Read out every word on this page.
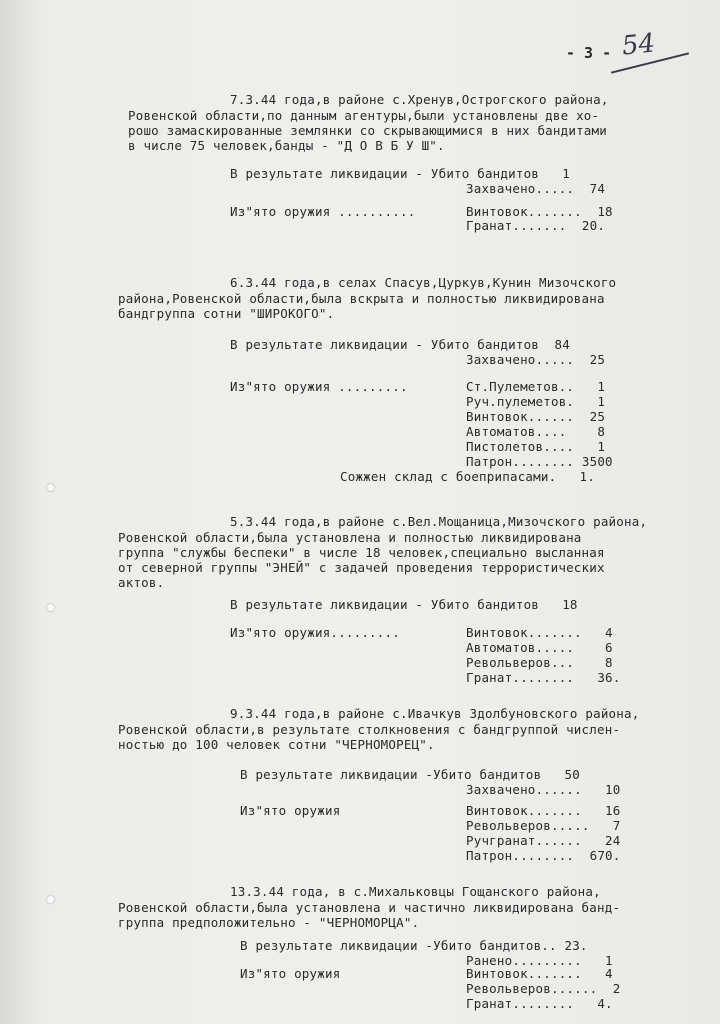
- 3 - 54
7.3.44 года,в районе с.Хренув,Острогского района,
Ровенской области,по данным агентуры,были установлены две хо-
рошо замаскированные землянки со скрывающимися в них бандитами
в числе 75 человек,банды - "Д О В Б У Ш".
В результате ликвидации - Убито бандитов   1
Захвачено.....  74
Из"ято оружия ..........	Винтовок.......  18
Гранат.......  20.
6.3.44 года,в селах Спасув,Цуркув,Кунин Мизочского
района,Ровенской области,была вскрыта и полностью ликвидирована
бандгруппа сотни "ШИРОКОГО".
В результате ликвидации - Убито бандитов  84
Захвачено.....  25
Из"ято оружия .........	Ст.Пулеметов..   1
Руч.пулеметов.   1
Винтовок......  25
Автоматов....    8
Пистолетов....   1
Патрон........ 3500
Сожжен склад с боеприпасами.   1.
5.3.44 года,в районе с.Вел.Мощаница,Мизочского района,
Ровенской области,была установлена и полностью ликвидирована
группа "службы беспеки" в числе 18 человек,специально высланная
от северной группы "ЭНЕЙ" с задачей проведения террористических
актов.
В результате ликвидации - Убито бандитов   18
Из"ято оружия.........	Винтовок.......   4
Автоматов.....    6
Револьверов...    8
Гранат........   36.
9.3.44 года,в районе с.Ивачкув Здолбуновского района,
Ровенской области,в результате столкновения с бандгруппой числен-
ностью до 100 человек сотни "ЧЕРНОМОРЕЦ".
В результате ликвидации -Убито бандитов   50
Захвачено......   10
Из"ято оружия	Винтовок.......   16
Револьверов.....   7
Ручгранат......   24
Патрон........  670.
13.3.44 года, в с.Михальковцы Гощанского района,
Ровенской области,была установлена и частично ликвидирована банд-
группа предположительно - "ЧЕРНОМОРЦА".
В результате ликвидации -Убито бандитов.. 23.
Ранено.........   1
Из"ято оружия	Винтовок.......   4
Револьверов......  2
Гранат........   4.
